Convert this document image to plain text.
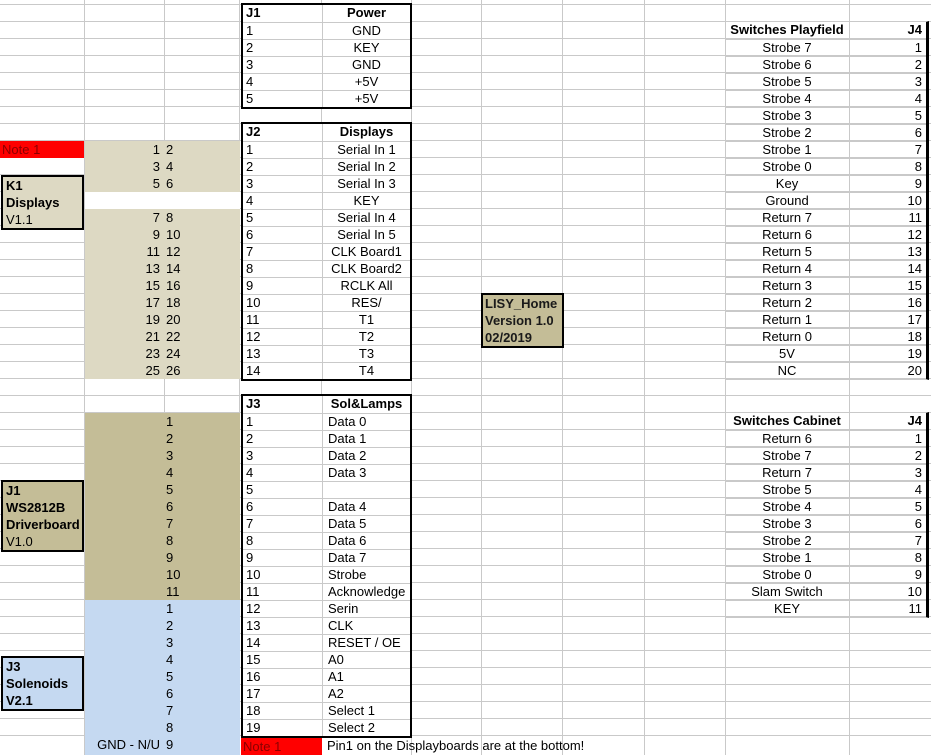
Note 1
K1
Displays
V1.1
J1
WS2812B
Driverboard
V1.0
J3
Solenoids
V2.1
1 2
3 4
5 6
7 8
9 10
11 12
13 14
15 16
17 18
19 20
21 22
23 24
25 26
1
2
3
4
5
6
7
8
9
10
11
1
2
3
4
5
6
7
8
GND - N/U 9
J1	Power
1	GND
2	KEY
3	GND
4	+5V
5	+5V
J2	Displays
1	Serial In 1
2	Serial In 2
3	Serial In 3
4	KEY
5	Serial In 4
6	Serial In 5
7	CLK Board1
8	CLK Board2
9	RCLK All
10	RES/
11	T1
12	T2
13	T3
14	T4
J3	Sol&Lamps
1	Data 0
2	Data 1
3	Data 2
4	Data 3
5
6	Data 4
7	Data 5
8	Data 6
9	Data 7
10	Strobe
11	Acknowledge
12	Serin
13	CLK
14	RESET / OE
15	A0
16	A1
17	A2
18	Select 1
19	Select 2
LISY_Home
Version 1.0
02/2019
Switches Playfield	J4
Strobe 7	1
Strobe 6	2
Strobe 5	3
Strobe 4	4
Strobe 3	5
Strobe 2	6
Strobe 1	7
Strobe 0	8
Key	9
Ground	10
Return 7	11
Return 6	12
Return 5	13
Return 4	14
Return 3	15
Return 2	16
Return 1	17
Return 0	18
5V	19
NC	20
Switches Cabinet	J4
Return 6	1
Strobe 7	2
Return 7	3
Strobe 5	4
Strobe 4	5
Strobe 3	6
Strobe 2	7
Strobe 1	8
Strobe 0	9
Slam Switch	10
KEY	11
Note 1	Pin1 on the Displayboards are at the bottom!
